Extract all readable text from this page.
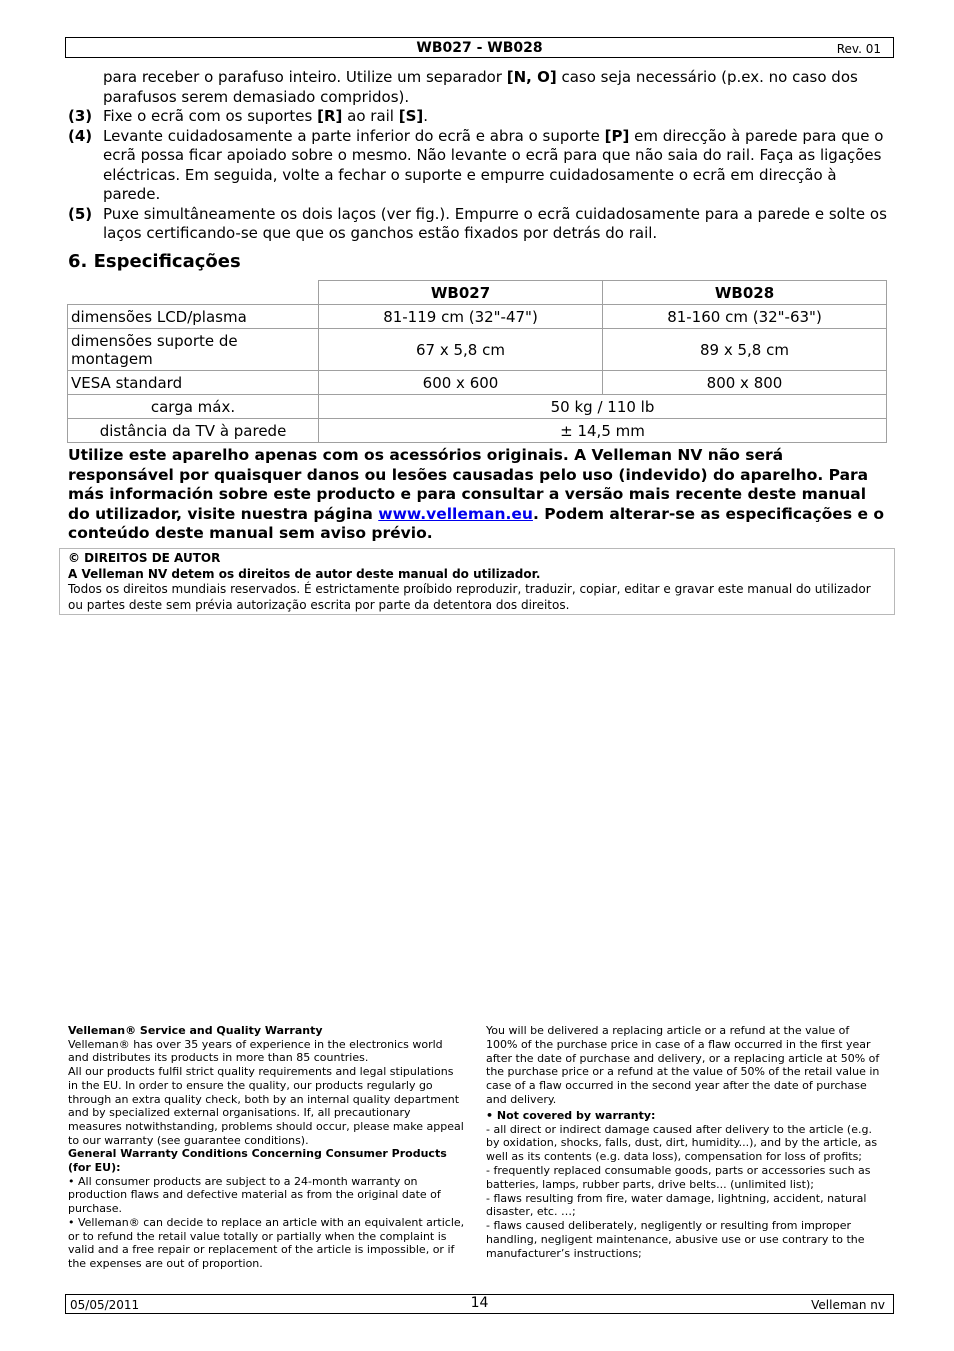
WB027 - WB028	Rev. 01
para receber o parafuso inteiro. Utilize um separador [N, O] caso seja necessário (p.ex. no caso dos parafusos serem demasiado compridos).
(3) Fixe o ecrã com os suportes [R] ao rail [S].
(4) Levante cuidadosamente a parte inferior do ecrã e abra o suporte [P] em direcção à parede para que o ecrã possa ficar apoiado sobre o mesmo. Não levante o ecrã para que não saia do rail. Faça as ligações eléctricas. Em seguida, volte a fechar o suporte e empurre cuidadosamente o ecrã em direcção à parede.
(5) Puxe simultâneamente os dois laços (ver fig.). Empurre o ecrã cuidadosamente para a parede e solte os laços certificando-se que que os ganchos estão fixados por detrás do rail.
6. Especificações
	WB027	WB028
dimensões LCD/plasma	81-119 cm (32"-47")	81-160 cm (32"-63")
dimensões suporte de montagem	67 x 5,8 cm	89 x 5,8 cm
VESA standard	600 x 600	800 x 800
carga máx.	50 kg / 110 lb	
distância da TV à parede	± 14,5 mm	
Utilize este aparelho apenas com os acessórios originais. A Velleman NV não será responsável por quaisquer danos ou lesões causadas pelo uso (indevido) do aparelho. Para más información sobre este producto e para consultar a versão mais recente deste manual do utilizador, visite nuestra página www.velleman.eu. Podem alterar-se as especificações e o conteúdo deste manual sem aviso prévio.
© DIREITOS DE AUTOR
A Velleman NV detem os direitos de autor deste manual do utilizador.
Todos os direitos mundiais reservados. É estrictamente proíbido reproduzir, traduzir, copiar, editar e gravar este manual do utilizador ou partes deste sem prévia autorização escrita por parte da detentora dos direitos.

Velleman® Service and Quality Warranty

Velleman® has over 35 years of experience in the electronics world and distributes its products in more than 85 countries.

All our products fulfil strict quality requirements and legal stipulations in the EU. In order to ensure the quality, our products regularly go through an extra quality check, both by an internal quality department and by specialized external organisations. If, all precautionary measures notwithstanding, problems should occur, please make appeal to our warranty (see guarantee conditions).

General Warranty Conditions Concerning Consumer Products (for EU):

• All consumer products are subject to a 24-month warranty on production flaws and defective material as from the original date of purchase.

• Velleman® can decide to replace an article with an equivalent article, or to refund the retail value totally or partially when the complaint is valid and a free repair or replacement of the article is impossible, or if the expenses are out of proportion.

You will be delivered a replacing article or a refund at the value of 100% of the purchase price in case of a flaw occurred in the first year after the date of purchase and delivery, or a replacing article at 50% of the purchase price or a refund at the value of 50% of the retail value in case of a flaw occurred in the second year after the date of purchase and delivery.

• Not covered by warranty:

- all direct or indirect damage caused after delivery to the article (e.g. by oxidation, shocks, falls, dust, dirt, humidity...), and by the article, as well as its contents (e.g. data loss), compensation for loss of profits;

- frequently replaced consumable goods, parts or accessories such as batteries, lamps, rubber parts, drive belts... (unlimited list);

- flaws resulting from fire, water damage, lightning, accident, natural disaster, etc. …;

- flaws caused deliberately, negligently or resulting from improper handling, negligent maintenance, abusive use or use contrary to the manufacturer’s instructions;

05/05/2011	14	Velleman nv
